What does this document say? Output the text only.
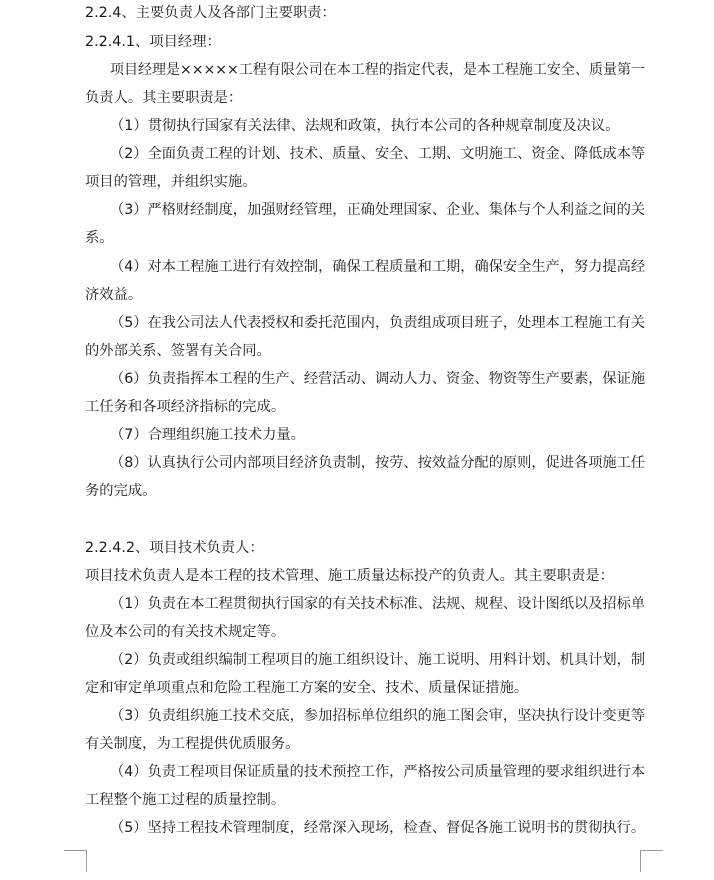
2.2.4、主要负责人及各部门主要职责：
2.2.4.1、项目经理：
项目经理是×××××工程有限公司在本工程的指定代表，是本工程施工安全、质量第一
负责人。其主要职责是：
（1）贯彻执行国家有关法律、法规和政策，执行本公司的各种规章制度及决议。
（2）全面负责工程的计划、技术、质量、安全、工期、文明施工、资金、降低成本等
项目的管理，并组织实施。
（3）严格财经制度，加强财经管理，正确处理国家、企业、集体与个人利益之间的关
系。
（4）对本工程施工进行有效控制，确保工程质量和工期，确保安全生产，努力提高经
济效益。
（5）在我公司法人代表授权和委托范围内，负责组成项目班子，处理本工程施工有关
的外部关系、签署有关合同。
（6）负责指挥本工程的生产、经营活动、调动人力、资金、物资等生产要素，保证施
工任务和各项经济指标的完成。
（7）合理组织施工技术力量。
（8）认真执行公司内部项目经济负责制，按劳、按效益分配的原则，促进各项施工任
务的完成。
2.2.4.2、项目技术负责人：
项目技术负责人是本工程的技术管理、施工质量达标投产的负责人。其主要职责是：
（1）负责在本工程贯彻执行国家的有关技术标准、法规、规程、设计图纸以及招标单
位及本公司的有关技术规定等。
（2）负责或组织编制工程项目的施工组织设计、施工说明、用料计划、机具计划，制
定和审定单项重点和危险工程施工方案的安全、技术、质量保证措施。
（3）负责组织施工技术交底，参加招标单位组织的施工图会审，坚决执行设计变更等
有关制度，为工程提供优质服务。
（4）负责工程项目保证质量的技术预控工作，严格按公司质量管理的要求组织进行本
工程整个施工过程的质量控制。
（5）坚持工程技术管理制度，经常深入现场，检查、督促各施工说明书的贯彻执行。
